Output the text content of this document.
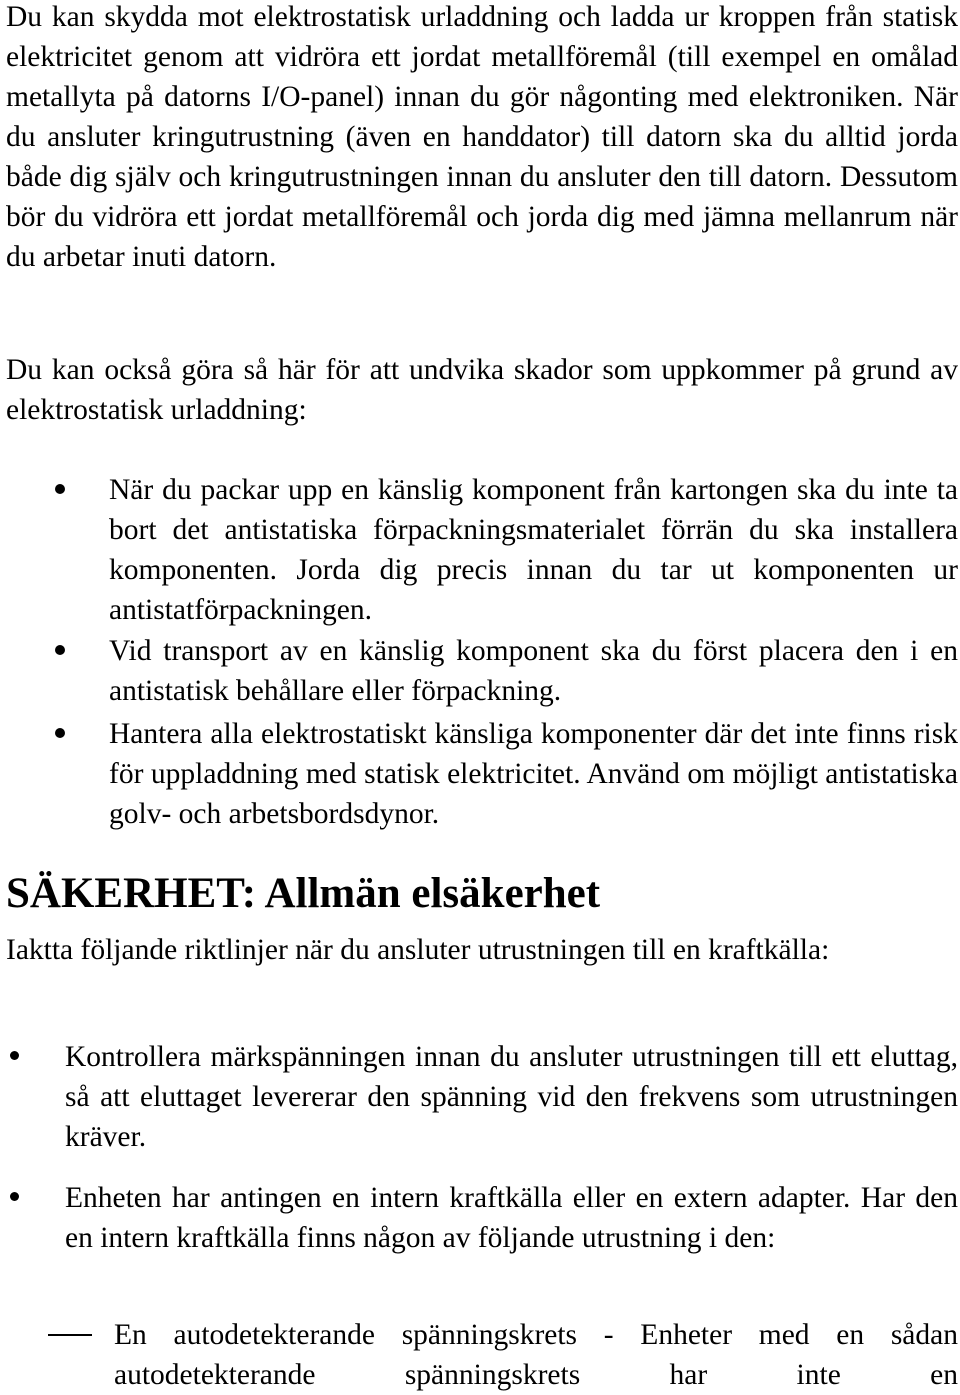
Du kan skydda mot elektrostatisk urladdning och ladda ur kroppen från statisk elektricitet genom att vidröra ett jordat metallföremål (till exempel en omålad metallyta på datorns I/O-panel) innan du gör någonting med elektroniken. När du ansluter kringutrustning (även en handdator) till datorn ska du alltid jorda både dig själv och kringutrustningen innan du ansluter den till datorn. Dessutom bör du vidröra ett jordat metallföremål och jorda dig med jämna mellanrum när du arbetar inuti datorn.

Du kan också göra så här för att undvika skador som uppkommer på grund av elektrostatisk urladdning:

När du packar upp en känslig komponent från kartongen ska du inte ta bort det antistatiska förpackningsmaterialet förrän du ska installera komponenten. Jorda dig precis innan du tar ut komponenten ur antistatförpackningen.
Vid transport av en känslig komponent ska du först placera den i en antistatisk behållare eller förpackning.
Hantera alla elektrostatiskt känsliga komponenter där det inte finns risk för uppladdning med statisk elektricitet. Använd om möjligt antistatiska golv- och arbetsbordsdynor.
SÄKERHET: Allmän elsäkerhet

Iaktta följande riktlinjer när du ansluter utrustningen till en kraftkälla:

Kontrollera märkspänningen innan du ansluter utrustningen till ett eluttag, så att eluttaget levererar den spänning vid den frekvens som utrustningen kräver.
Enheten har antingen en intern kraftkälla eller en extern adapter. Har den en intern kraftkälla finns någon av följande utrustning i den:
En autodetekterande spänningskrets - Enheter med en sådan autodetekterande spänningskrets har inte en
